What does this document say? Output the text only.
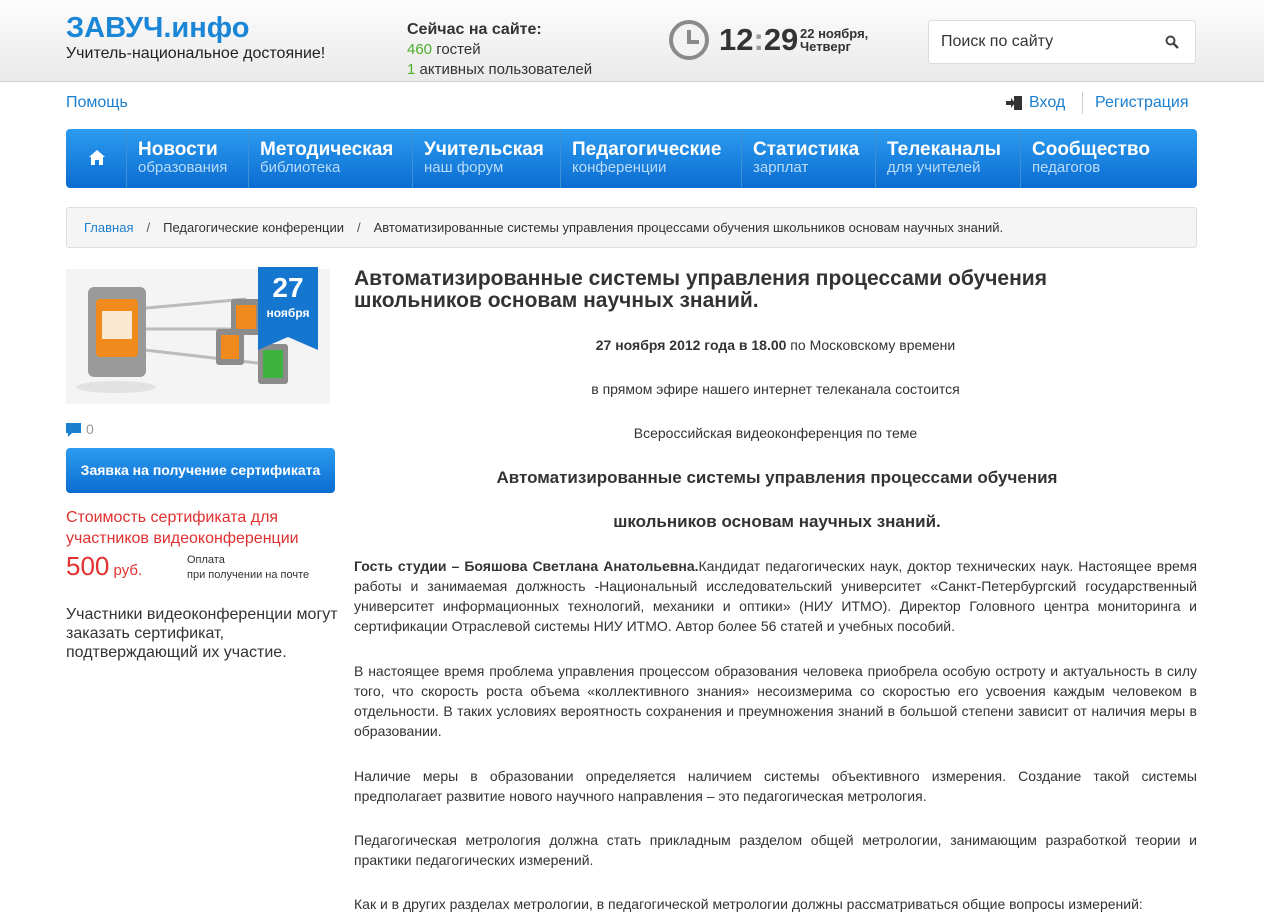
ЗАВУЧ.инфо
Учитель-национальное достояние!
Сейчас на сайте:
460 гостей
1 активных пользователей
12:29 22 ноября,
Четверг	Поиск по сайту
Помощь	Вход Регистрация
Новости
образования
Методическая
библиотека
Учительская
наш форум
Педагогические
конференции
Статистика
зарплат
Телеканалы
для учителей
Сообщество
педагогов
Главная / Педагогические конференции / Автоматизированные системы управления процессами обучения школьников основам научных знаний.
27
ноября
0
Заявка на получение сертификата
Стоимость сертификата для участников видеоконференции
500 руб.
Оплата
при получении на почте
Участники видеоконференции могут заказать сертификат, подтверждающий их участие.
Автоматизированные системы управления процессами обучения школьников основам научных знаний.
27 ноября 2012 года в 18.00 по Московскому времени
в прямом эфире нашего интернет телеканала состоится
Всероссийская видеоконференция по теме
Автоматизированные системы управления процессами обучения
школьников основам научных знаний.
Гость студии – Бояшова Светлана Анатольевна.Кандидат педагогических наук, доктор технических наук. Настоящее время работы и занимаемая должность -Национальный исследовательский университет «Санкт-Петербургский государственный университет информационных технологий, механики и оптики» (НИУ ИТМО). Директор Головного центра мониторинга и сертификации Отраслевой системы НИУ ИТМО. Автор более 56 статей и учебных пособий.
В настоящее время проблема управления процессом образования человека приобрела особую остроту и актуальность в силу того, что скорость роста объема «коллективного знания» несоизмерима со скоростью его усвоения каждым человеком в отдельности. В таких условиях вероятность сохранения и преумножения знаний в большой степени зависит от наличия меры в образовании.
Наличие меры в образовании определяется наличием системы объективного измерения. Создание такой системы предполагает развитие нового научного направления – это педагогическая метрология.
Педагогическая метрология должна стать прикладным разделом общей метрологии, занимающим разработкой теории и практики педагогических измерений.
Как и в других разделах метрологии, в педагогической метрологии должны рассматриваться общие вопросы измерений:
